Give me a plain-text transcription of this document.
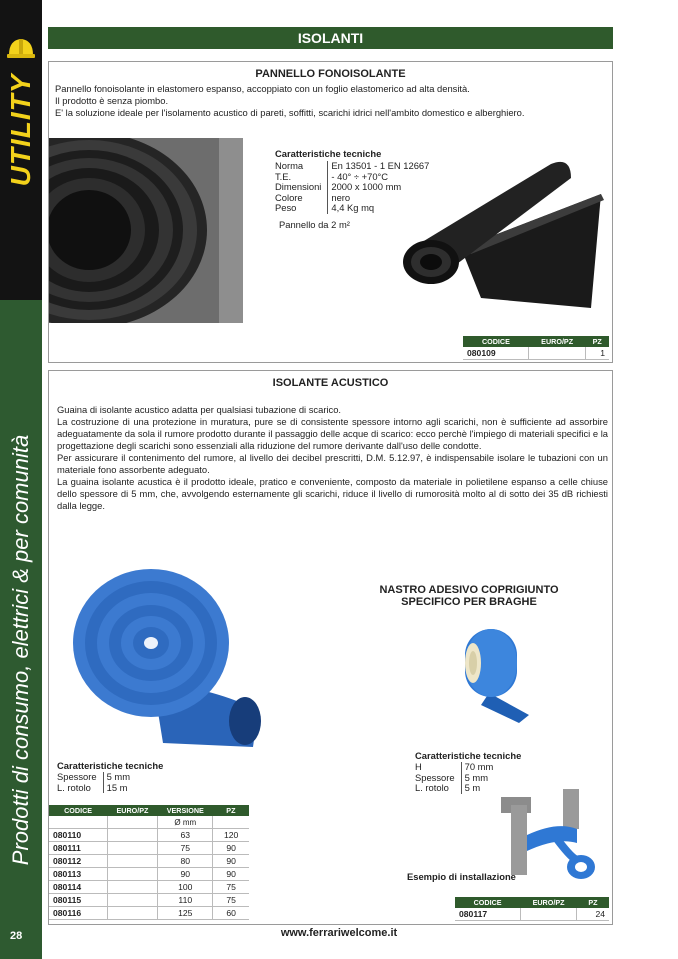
UTILITY
Prodotti di consumo, elettrici & per comunità
28
ISOLANTI
PANNELLO FONOISOLANTE
Pannello fonoisolante in elastomero espanso, accoppiato con un foglio elastomerico ad alta densità.
Il prodotto è senza piombo.
E' la soluzione ideale per l'isolamento acustico di pareti, soffitti, scarichi idrici nell'ambito domestico e alberghiero.
Caratteristiche tecniche
Norma	En 13501 - 1 EN 12667
T.E.	- 40° ÷ +70°C
Dimensioni	2000 x 1000 mm
Colore	nero
Peso	4,4 Kg mq
Pannello da 2 m²
CODICE	EURO/PZ	PZ
080109		1
ISOLANTE ACUSTICO
Guaina di isolante acustico adatta per qualsiasi tubazione di scarico.
La costruzione di una protezione in muratura, pure se di consistente spessore intorno agli scarichi, non è sufficiente ad assorbire adeguatamente da sola il rumore prodotto durante il passaggio delle acque di scarico: ecco perchè l'impiego di materiali specifici e la progettazione degli scarichi sono essenziali alla riduzione del rumore derivante dall'uso delle condotte.
Per assicurare il contenimento del rumore, al livello dei decibel prescritti, D.M. 5.12.97, è indispensabile isolare le tubazioni con un materiale fono assorbente adeguato.
La guaina isolante acustica è il prodotto ideale, pratico e conveniente, composto da materiale in polietilene espanso a celle chiuse dello spessore di 5 mm, che, avvolgendo esternamente gli scarichi, riduce il livello di rumorosità molto al di sotto dei 35 dB richiesti dalla legge.
Caratteristiche tecniche
Spessore	5 mm
L. rotolo	15 m
CODICE	EURO/PZ	VERSIONE	PZ
		Ø mm	
080110		63	120
080111		75	90
080112		80	90
080113		90	90
080114		100	75
080115		110	75
080116		125	60
NASTRO ADESIVO COPRIGIUNTO
SPECIFICO PER BRAGHE
Caratteristiche tecniche
H	70 mm
Spessore	5 mm
L. rotolo	5 m
Esempio di installazione
CODICE	EURO/PZ	PZ
080117		24
www.ferrariwelcome.it
